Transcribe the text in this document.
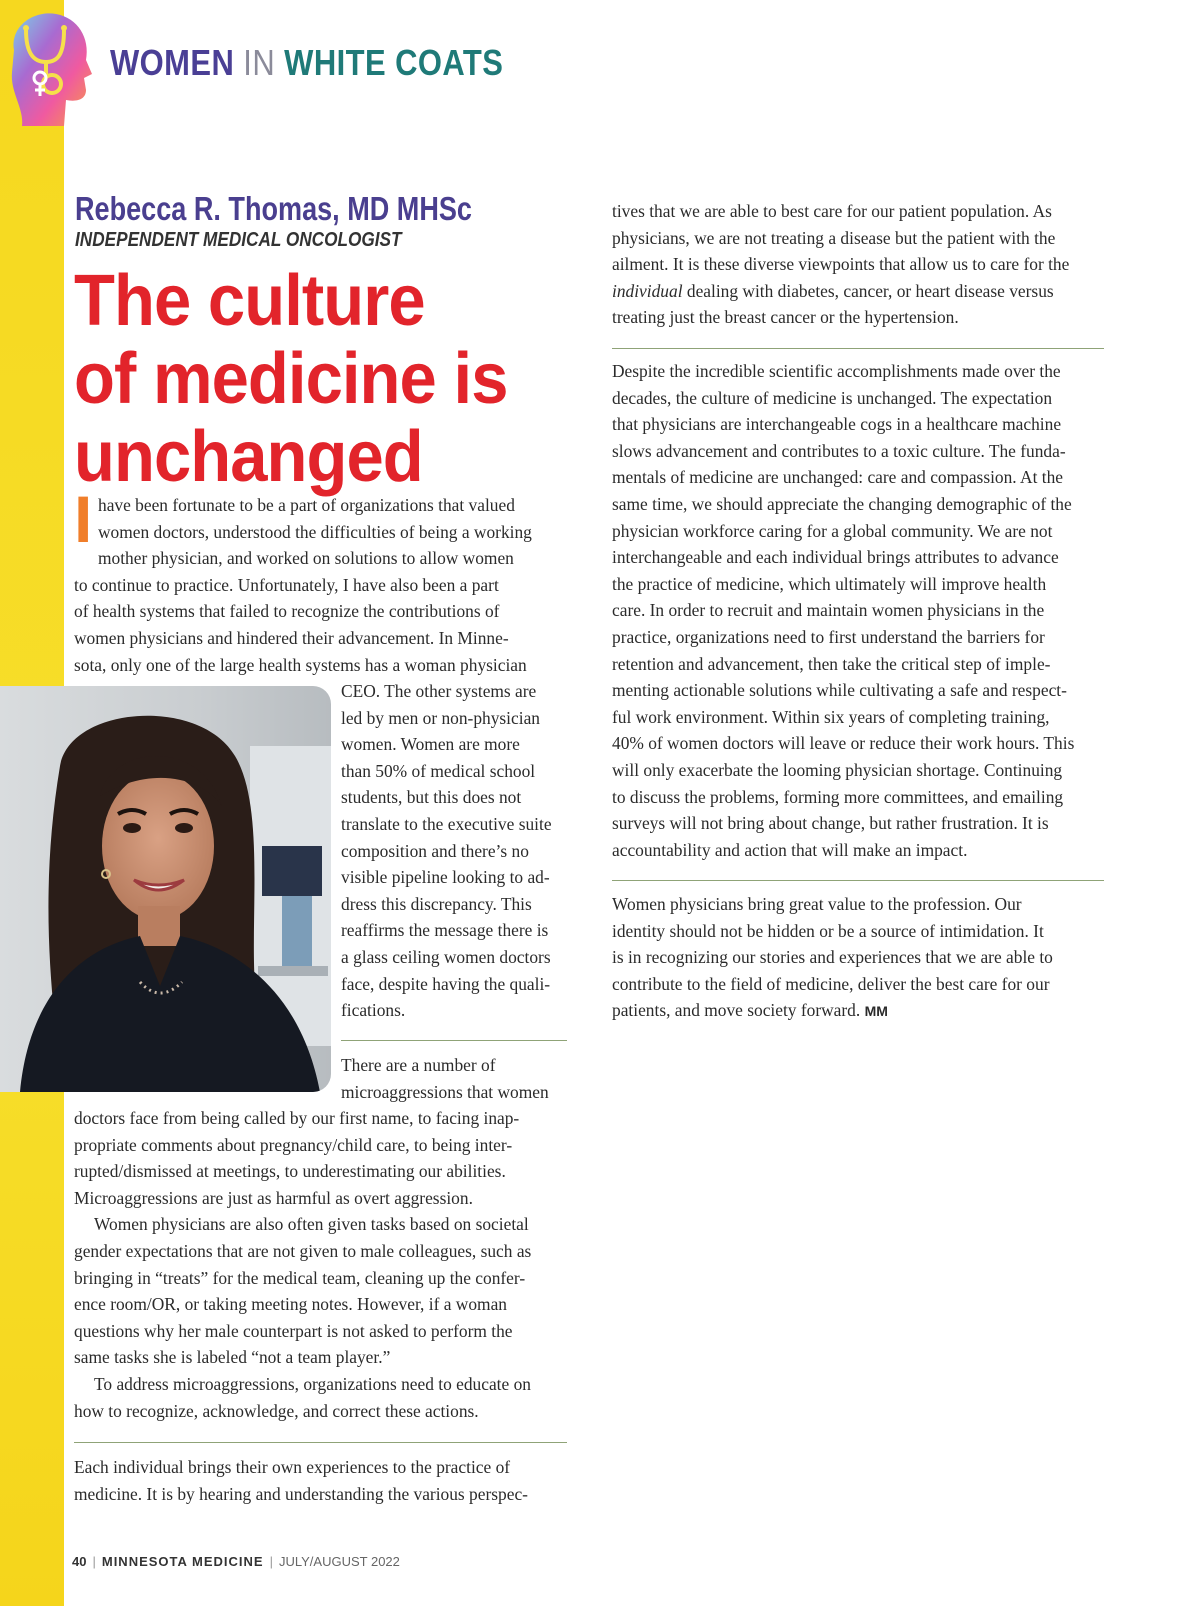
WOMEN IN WHITE COATS
Rebecca R. Thomas, MD MHSc
INDEPENDENT MEDICAL ONCOLOGIST
The culture
of medicine is
unchanged
I have been fortunate to be a part of organizations that valued
women doctors, understood the difficulties of being a working
mother physician, and worked on solutions to allow women
to continue to practice. Unfortunately, I have also been a part
of health systems that failed to recognize the contributions of
women physicians and hindered their advancement. In Minne-
sota, only one of the large health systems has a woman physician
CEO. The other systems are
led by men or non-physician
women. Women are more
than 50% of medical school
students, but this does not
translate to the executive suite
composition and there’s no
visible pipeline looking to ad-
dress this discrepancy. This
reaffirms the message there is
a glass ceiling women doctors
face, despite having the quali-
fications.
There are a number of
microaggressions that women
doctors face from being called by our first name, to facing inap-
propriate comments about pregnancy/child care, to being inter-
rupted/dismissed at meetings, to underestimating our abilities.
Microaggressions are just as harmful as overt aggression.
Women physicians are also often given tasks based on societal
gender expectations that are not given to male colleagues, such as
bringing in “treats” for the medical team, cleaning up the confer-
ence room/OR, or taking meeting notes. However, if a woman
questions why her male counterpart is not asked to perform the
same tasks she is labeled “not a team player.”
To address microaggressions, organizations need to educate on
how to recognize, acknowledge, and correct these actions.
Each individual brings their own experiences to the practice of
medicine. It is by hearing and understanding the various perspec-
tives that we are able to best care for our patient population. As
physicians, we are not treating a disease but the patient with the
ailment. It is these diverse viewpoints that allow us to care for the
individual dealing with diabetes, cancer, or heart disease versus
treating just the breast cancer or the hypertension.
Despite the incredible scientific accomplishments made over the
decades, the culture of medicine is unchanged. The expectation
that physicians are interchangeable cogs in a healthcare machine
slows advancement and contributes to a toxic culture. The funda-
mentals of medicine are unchanged: care and compassion. At the
same time, we should appreciate the changing demographic of the
physician workforce caring for a global community. We are not
interchangeable and each individual brings attributes to advance
the practice of medicine, which ultimately will improve health
care. In order to recruit and maintain women physicians in the
practice, organizations need to first understand the barriers for
retention and advancement, then take the critical step of imple-
menting actionable solutions while cultivating a safe and respect-
ful work environment. Within six years of completing training,
40% of women doctors will leave or reduce their work hours. This
will only exacerbate the looming physician shortage. Continuing
to discuss the problems, forming more committees, and emailing
surveys will not bring about change, but rather frustration. It is
accountability and action that will make an impact.
Women physicians bring great value to the profession. Our
identity should not be hidden or be a source of intimidation. It
is in recognizing our stories and experiences that we are able to
contribute to the field of medicine, deliver the best care for our
patients, and move society forward. MM
40 | MINNESOTA MEDICINE | JULY/AUGUST 2022
